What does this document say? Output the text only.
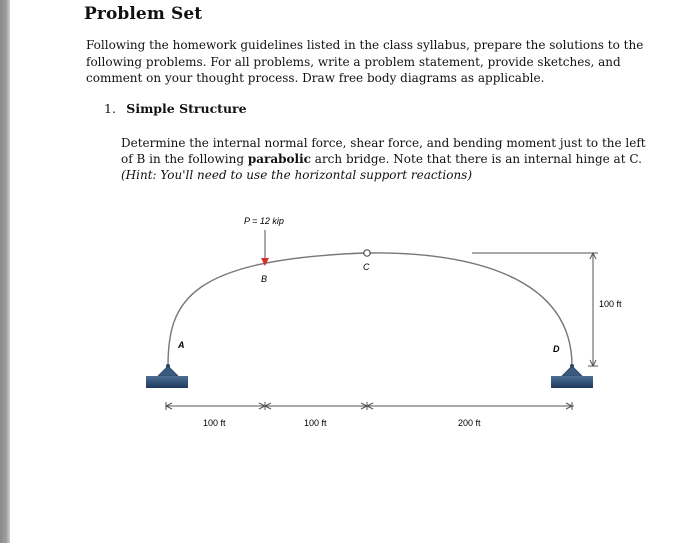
Problem Set
Following the homework guidelines listed in the class syllabus, prepare the solutions to the following problems. For all problems, write a problem statement, provide sketches, and comment on your thought process. Draw free body diagrams as applicable.
1. Simple Structure
Determine the internal normal force, shear force, and bending moment just to the left of B in the following parabolic arch bridge. Note that there is an internal hinge at C.
(Hint: You'll need to use the horizontal support reactions)
C
A
B
D
P = 12 kip
100 ft
100 ft	100 ft	200 ft
